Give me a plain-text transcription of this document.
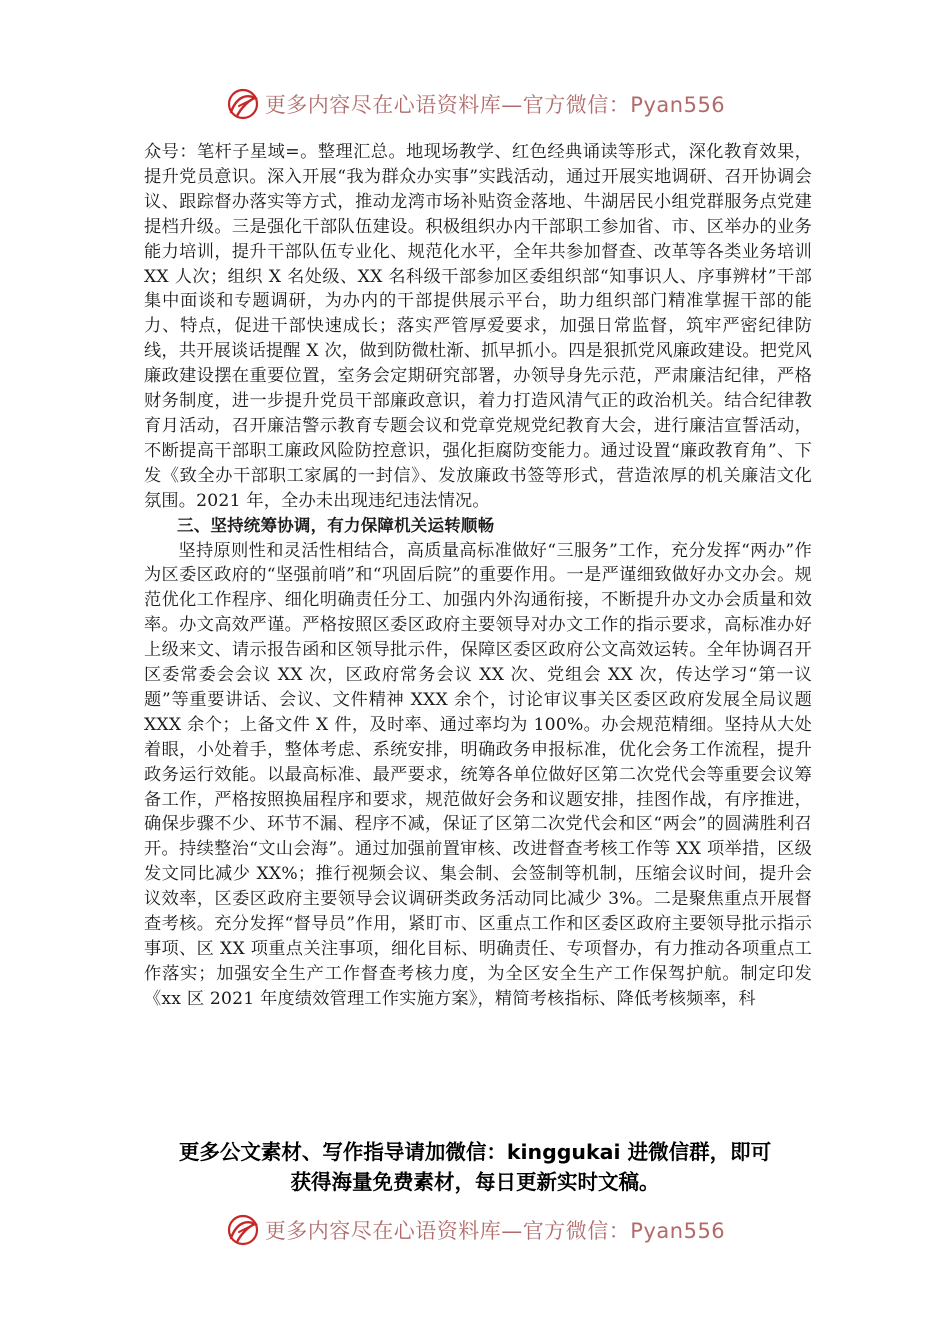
更多内容尽在心语资料库—官方微信：Pyan556

众号：笔杆子星域=。整理汇总。地现场教学、红色经典诵读等形式，深化教育效果，提升党员意识。深入开展“我为群众办实事”实践活动，通过开展实地调研、召开协调会议、跟踪督办落实等方式，推动龙湾市场补贴资金落地、牛湖居民小组党群服务点党建提档升级。三是强化干部队伍建设。积极组织办内干部职工参加省、市、区举办的业务能力培训，提升干部队伍专业化、规范化水平，全年共参加督查、改革等各类业务培训 XX 人次；组织 X 名处级、XX 名科级干部参加区委组织部“知事识人、序事辨材”干部集中面谈和专题调研，为办内的干部提供展示平台，助力组织部门精准掌握干部的能力、特点，促进干部快速成长；落实严管厚爱要求，加强日常监督，筑牢严密纪律防线，共开展谈话提醒 X 次，做到防微杜渐、抓早抓小。四是狠抓党风廉政建设。把党风廉政建设摆在重要位置，室务会定期研究部署，办领导身先示范，严肃廉洁纪律，严格财务制度，进一步提升党员干部廉政意识，着力打造风清气正的政治机关。结合纪律教育月活动，召开廉洁警示教育专题会议和党章党规党纪教育大会，进行廉洁宣誓活动，不断提高干部职工廉政风险防控意识，强化拒腐防变能力。通过设置“廉政教育角”、下发《致全办干部职工家属的一封信》、发放廉政书签等形式，营造浓厚的机关廉洁文化氛围。2021 年，全办未出现违纪违法情况。

三、坚持统筹协调，有力保障机关运转顺畅

坚持原则性和灵活性相结合，高质量高标准做好“三服务”工作，充分发挥“两办”作为区委区政府的“坚强前哨”和“巩固后院”的重要作用。一是严谨细致做好办文办会。规范优化工作程序、细化明确责任分工、加强内外沟通衔接，不断提升办文办会质量和效率。办文高效严谨。严格按照区委区政府主要领导对办文工作的指示要求，高标准办好上级来文、请示报告函和区领导批示件，保障区委区政府公文高效运转。全年协调召开区委常委会会议 XX 次，区政府常务会议 XX 次、党组会 XX 次，传达学习“第一议题”等重要讲话、会议、文件精神 XXX 余个，讨论审议事关区委区政府发展全局议题 XXX 余个；上备文件 X 件，及时率、通过率均为 100%。办会规范精细。坚持从大处着眼，小处着手，整体考虑、系统安排，明确政务申报标准，优化会务工作流程，提升政务运行效能。以最高标准、最严要求，统筹各单位做好区第二次党代会等重要会议筹备工作，严格按照换届程序和要求，规范做好会务和议题安排，挂图作战，有序推进，确保步骤不少、环节不漏、程序不减，保证了区第二次党代会和区“两会”的圆满胜利召开。持续整治“文山会海”。通过加强前置审核、改进督查考核工作等 XX 项举措，区级发文同比减少 XX%；推行视频会议、集会制、会签制等机制，压缩会议时间，提升会议效率，区委区政府主要领导会议调研类政务活动同比减少 3%。二是聚焦重点开展督查考核。充分发挥“督导员”作用，紧盯市、区重点工作和区委区政府主要领导批示指示事项、区 XX 项重点关注事项，细化目标、明确责任、专项督办，有力推动各项重点工作落实；加强安全生产工作督查考核力度，为全区安全生产工作保驾护航。制定印发《xx 区 2021 年度绩效管理工作实施方案》，精简考核指标、降低考核频率，科

更多公文素材、写作指导请加微信：kinggukai 进微信群，即可
获得海量免费素材，每日更新实时文稿。
更多内容尽在心语资料库—官方微信：Pyan556
